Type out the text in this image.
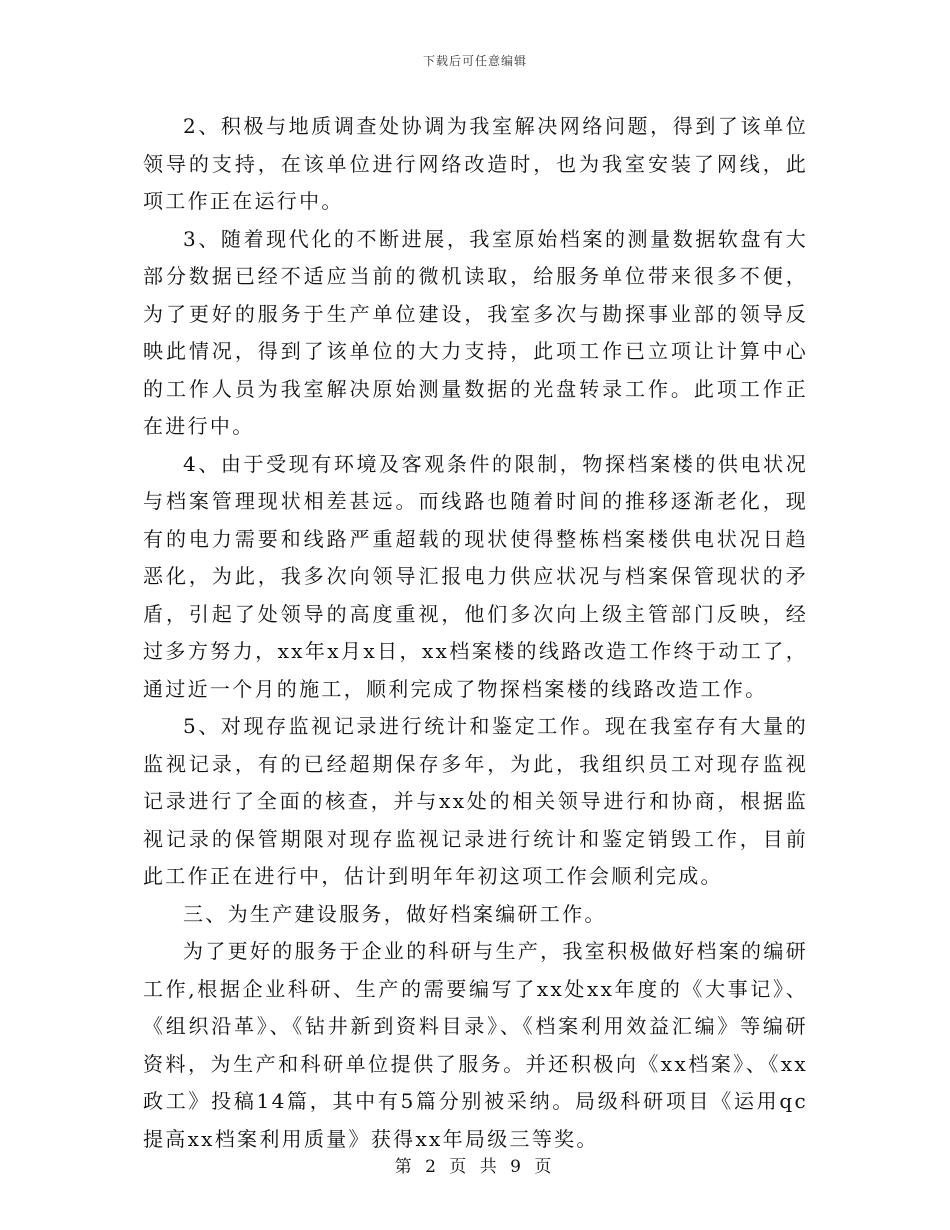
下载后可任意编辑

2、积极与地质调查处协调为我室解决网络问题，得到了该单位领导的支持，在该单位进行网络改造时，也为我室安装了网线，此项工作正在运行中。

3、随着现代化的不断进展，我室原始档案的测量数据软盘有大部分数据已经不适应当前的微机读取，给服务单位带来很多不便，为了更好的服务于生产单位建设，我室多次与勘探事业部的领导反映此情况，得到了该单位的大力支持，此项工作已立项让计算中心的工作人员为我室解决原始测量数据的光盘转录工作。此项工作正在进行中。

4、由于受现有环境及客观条件的限制，物探档案楼的供电状况与档案管理现状相差甚远。而线路也随着时间的推移逐渐老化，现有的电力需要和线路严重超载的现状使得整栋档案楼供电状况日趋恶化，为此，我多次向领导汇报电力供应状况与档案保管现状的矛盾，引起了处领导的高度重视，他们多次向上级主管部门反映，经过多方努力，xx年x月x日，xx档案楼的线路改造工作终于动工了，通过近一个月的施工，顺利完成了物探档案楼的线路改造工作。

5、对现存监视记录进行统计和鉴定工作。现在我室存有大量的监视记录，有的已经超期保存多年，为此，我组织员工对现存监视记录进行了全面的核查，并与xx处的相关领导进行和协商，根据监视记录的保管期限对现存监视记录进行统计和鉴定销毁工作，目前此工作正在进行中，估计到明年年初这项工作会顺利完成。

三、为生产建设服务，做好档案编研工作。

为了更好的服务于企业的科研与生产，我室积极做好档案的编研工作,根据企业科研、生产的需要编写了xx处xx年度的《大事记》、《组织沿革》、《钻井新到资料目录》、《档案利用效益汇编》等编研资料，为生产和科研单位提供了服务。并还积极向《xx档案》、《xx政工》投稿14篇，其中有5篇分别被采纳。局级科研项目《运用qc提高xx档案利用质量》获得xx年局级三等奖。

第 2 页 共 9 页
